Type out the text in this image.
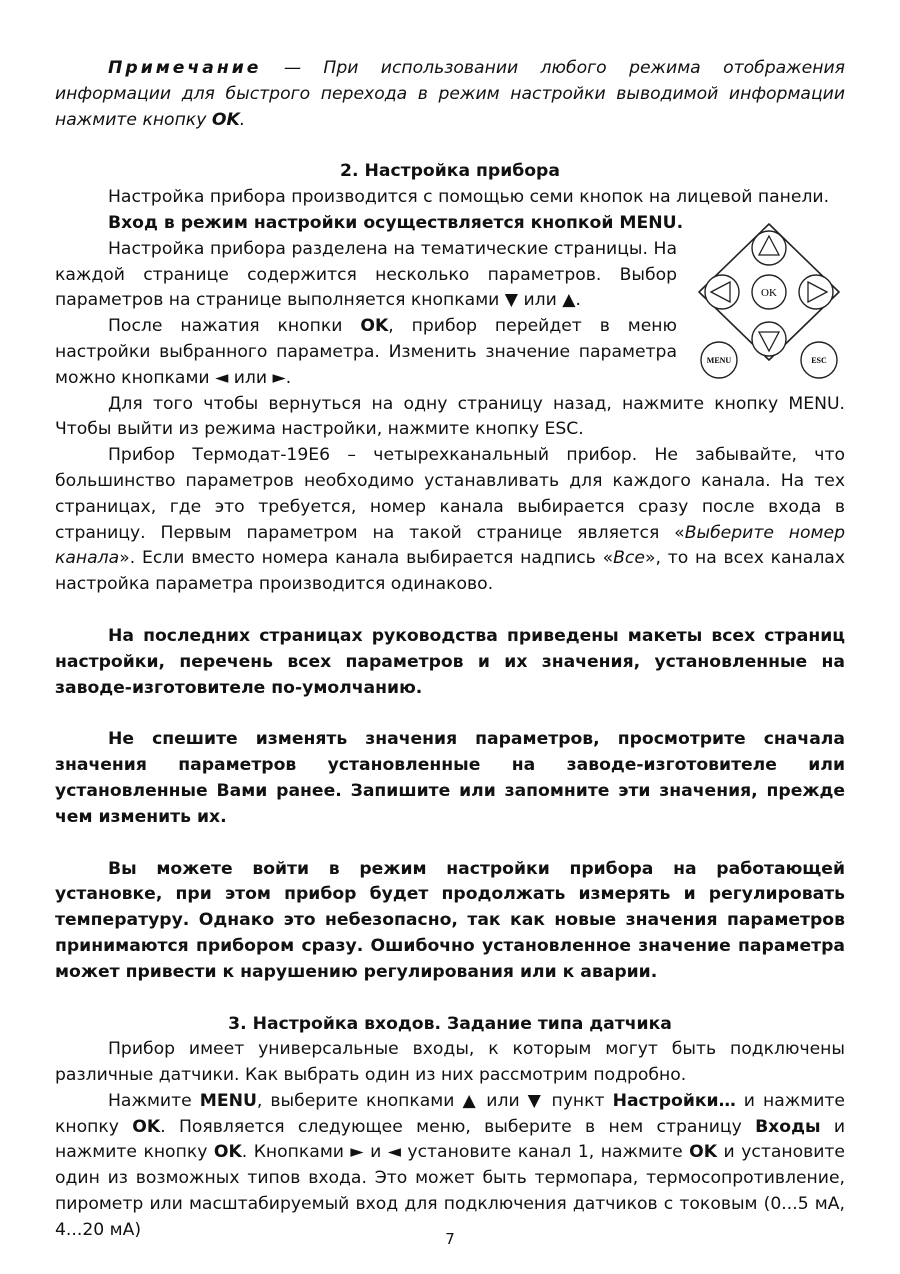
Примечание — При использовании любого режима отображения информации для быстрого перехода в режим настройки выводимой информации нажмите кнопку OK.

2. Настройка прибора

Настройка прибора производится с помощью семи кнопок на лицевой панели.

Вход в режим настройки осуществляется кнопкой MENU.

Настройка прибора разделена на тематические страницы. На каждой странице содержится несколько параметров. Выбор параметров на странице выполняется кнопками ▼ или ▲.

После нажатия кнопки OK, прибор перейдет в меню настройки выбранного параметра. Изменить значение параметра можно кнопками ◄ или ►.

Для того чтобы вернуться на одну страницу назад, нажмите кнопку MENU. Чтобы выйти из режима настройки, нажмите кнопку ESC.

Прибор Термодат-19Е6 – четырехканальный прибор. Не забывайте, что большинство параметров необходимо устанавливать для каждого канала. На тех страницах, где это требуется, номер канала выбирается сразу после входа в страницу. Первым параметром на такой странице является «Выберите номер канала». Если вместо номера канала выбирается надпись «Все», то на всех каналах настройка параметра производится одинаково.

На последних страницах руководства приведены макеты всех страниц настройки, перечень всех параметров и их значения, установленные на заводе-изготовителе по-умолчанию.

Не спешите изменять значения параметров, просмотрите сначала значения параметров установленные на заводе-изготовителе или установленные Вами ранее. Запишите или запомните эти значения, прежде чем изменить их.

Вы можете войти в режим настройки прибора на работающей установке, при этом прибор будет продолжать измерять и регулировать температуру. Однако это небезопасно, так как новые значения параметров принимаются прибором сразу. Ошибочно установленное значение параметра может привести к нарушению регулирования или к аварии.

3. Настройка входов. Задание типа датчика

Прибор имеет универсальные входы, к которым могут быть подключены различные датчики. Как выбрать один из них рассмотрим подробно.

Нажмите MENU, выберите кнопками ▲ или ▼ пункт Настройки… и нажмите кнопку OK. Появляется следующее меню, выберите в нем страницу Входы и нажмите кнопку OK. Кнопками ► и ◄ установите канал 1, нажмите OK и установите один из возможных типов входа. Это может быть термопара, термосопротивление, пирометр или масштабируемый вход для подключения датчиков с токовым (0...5 мА, 4...20 мА)

OK
MENU	ESC
7
